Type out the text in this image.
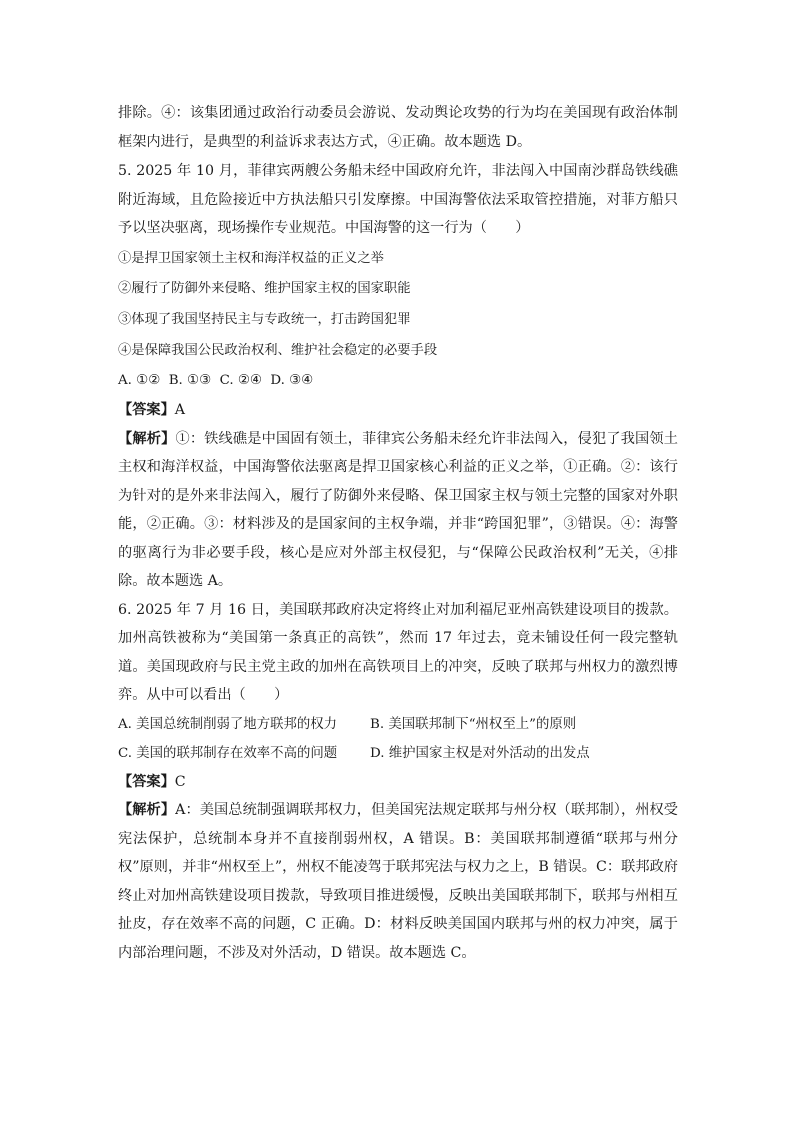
排除。④：该集团通过政治行动委员会游说、发动舆论攻势的行为均在美国现有政治体制框架内进行，是典型的利益诉求表达方式，④正确。故本题选 D。

5. 2025 年 10 月，菲律宾两艘公务船未经中国政府允许，非法闯入中国南沙群岛铁线礁附近海域，且危险接近中方执法船只引发摩擦。中国海警依法采取管控措施，对菲方船只予以坚决驱离，现场操作专业规范。中国海警的这一行为（　　）

①是捍卫国家领土主权和海洋权益的正义之举

②履行了防御外来侵略、维护国家主权的国家职能

③体现了我国坚持民主与专政统一，打击跨国犯罪

④是保障我国公民政治权利、维护社会稳定的必要手段

A. ①②  B. ①③  C. ②④  D. ③④

【答案】A

【解析】①：铁线礁是中国固有领土，菲律宾公务船未经允许非法闯入，侵犯了我国领土主权和海洋权益，中国海警依法驱离是捍卫国家核心利益的正义之举，①正确。②：该行为针对的是外来非法闯入，履行了防御外来侵略、保卫国家主权与领土完整的国家对外职能，②正确。③：材料涉及的是国家间的主权争端，并非“跨国犯罪”，③错误。④：海警的驱离行为非必要手段，核心是应对外部主权侵犯，与“保障公民政治权利”无关，④排除。故本题选 A。

6. 2025 年 7 月 16 日，美国联邦政府决定将终止对加利福尼亚州高铁建设项目的拨款。加州高铁被称为“美国第一条真正的高铁”，然而 17 年过去，竟未铺设任何一段完整轨道。美国现政府与民主党主政的加州在高铁项目上的冲突，反映了联邦与州权力的激烈博弈。从中可以看出（　　）

A. 美国总统制削弱了地方联邦的权力	B. 美国联邦制下“州权至上”的原则
C. 美国的联邦制存在效率不高的问题	D. 维护国家主权是对外活动的出发点

【答案】C

【解析】A：美国总统制强调联邦权力，但美国宪法规定联邦与州分权（联邦制），州权受宪法保护，总统制本身并不直接削弱州权，A 错误。B：美国联邦制遵循“联邦与州分权”原则，并非“州权至上”，州权不能凌驾于联邦宪法与权力之上，B 错误。C：联邦政府终止对加州高铁建设项目拨款，导致项目推进缓慢，反映出美国联邦制下，联邦与州相互扯皮，存在效率不高的问题，C 正确。D：材料反映美国国内联邦与州的权力冲突，属于内部治理问题，不涉及对外活动，D 错误。故本题选 C。
